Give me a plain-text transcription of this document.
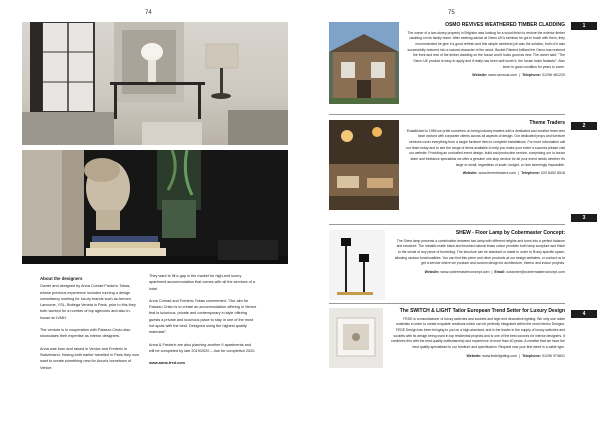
74	75
About the designers
Owner and designed by Anna Conrad Frederic Tobas, whose previous experience includes running a design consultancy working for luxury brands such as Armani, Lancome, YSL, Bottega Veneta in Paris, prior to this they both worked for a number of top agencies and also in-house at LVMH.
The venture is in cooperation with Palazzo Cristo also showcases their expertise as interior designers.
Anna was born and raised in Venice and Frederic in Switzerland. Having both earlier travelled in Paris they now want to create something new for Anna's hometown of Venice.
They want to fill a gap in the market for high-end luxury apartment accommodation that comes with all the services of a hotel.
Anna Conrad and Frederic Tobas commented: "Our aim for Palazzo Cristo is to create an accommodation offering in Venice that is luxurious, private and contemporary in style offering guests a private and luxurious place to stay in one of the most hot spots with the best. Designed using the highest quality materials".
Anna & Frederic are also planning another 9 apartments and will be completed by late 2019/2020 – due for completion 2020.
www.anna-fred.com
OSMO REVIVES WEATHERED TIMBER CLADDING
The owner of a two-storey property in Brighton was looking for a wood finish to restore the exterior timber cladding on his family home. After seeking advice at Osmo UK's seminar he got in touch with them, they recommended he give it a good refresh and this simple weekend job was the solution, both of it was successfully restored into a natural character of the wood. Bucket Painted brilliant the Osmo has restored the front and rear of the timber cladding on the house and it looks good as new. The owner said: "The Osmo UK product is easy to apply and it really has been well worth it, the house looks fantastic". Also been in good condition for years to come.
Website: www.osmouk.com  |  Telephone: 01296 481220
1
Theme Traders
Established in 1986 we pride ourselves on being industry leaders with a dedicated and creative team who have worked with corporate clients across all aspects of design. Our dedicated props and furniture services cover everything from a single furniture item to complete installations. For more information call our team today and to see the range of items available to help you make your event a success please visit our website. Providing an unrivalled event design, build and production service, comprising our in-house team and freelance specialists we offer a genuine one-stop service for all your event needs whether it's large or small, regardless of scale, budget, or how seemingly impossible.
Website: www.themetraders.com  |  Telephone: 020 8452 8518
2
SHEW - Floor Lamp by Cobermaster Concept:
The Shew lamp presents a combination between two lamp with different heights and turns into a perfect balance and structure. The metallic matte black and brushed natural brass colour provides both lamp sculpture and finish to the whole of any piece of furnishing. The structure can be standard or made to order to fit any specific space, allowing various functionalities. You can find this piece and other products at our design websites, or contact us to get a service where we produce and custom design for architecture, interior and indoor projects.
Website: www.cobermasterconcept.com  |  Email: customer@cobermasterconcept.com
3
The SWITCH & LIGHT Tailor European Trend Setter for Luxury Design
FEDE is a manufacturer of luxury switches and sockets and high-end decorative lighting. We only use noble materials in order to create exquisite creations which can be perfectly integrated within the most interior Designs. FEDE Design has been bringing to you on a high-standard, and is the leader in the supply of luxury switches and sockets with its design being used in top residential projects and is one of the best sources for interior designers. It combines this with the best quality craftsmanship and experience of more than 40 years. A creative that we have the best quality specialised to our furniture and specification. Request now your first wired in a cable type.
Website: www.fedelighting.com  |  Telephone: 01296 974601
4
